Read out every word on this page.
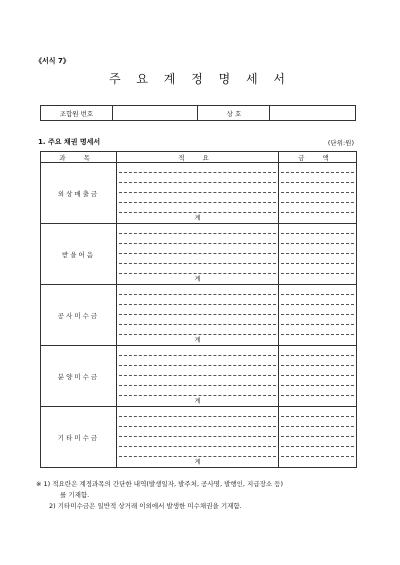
《서식 7》
주 요 계 정 명 세 서
조합원 번호		상 호	
1. 주요 채권 명세서	(단위:원)
과 목	적 요	금 액
외상매출금	계	

받을어음	계	

공사미수금	계	

분양미수금	계	

기타미수금	계	

※ 1) 적요란은 계정과목의 간단한 내역(발생일자, 발주처, 공사명, 발행인, 지급장소 등)
를 기재함.
2) 기타미수금은 일반적 상거래 이외에서 발생한 미수채권을 기재함.
